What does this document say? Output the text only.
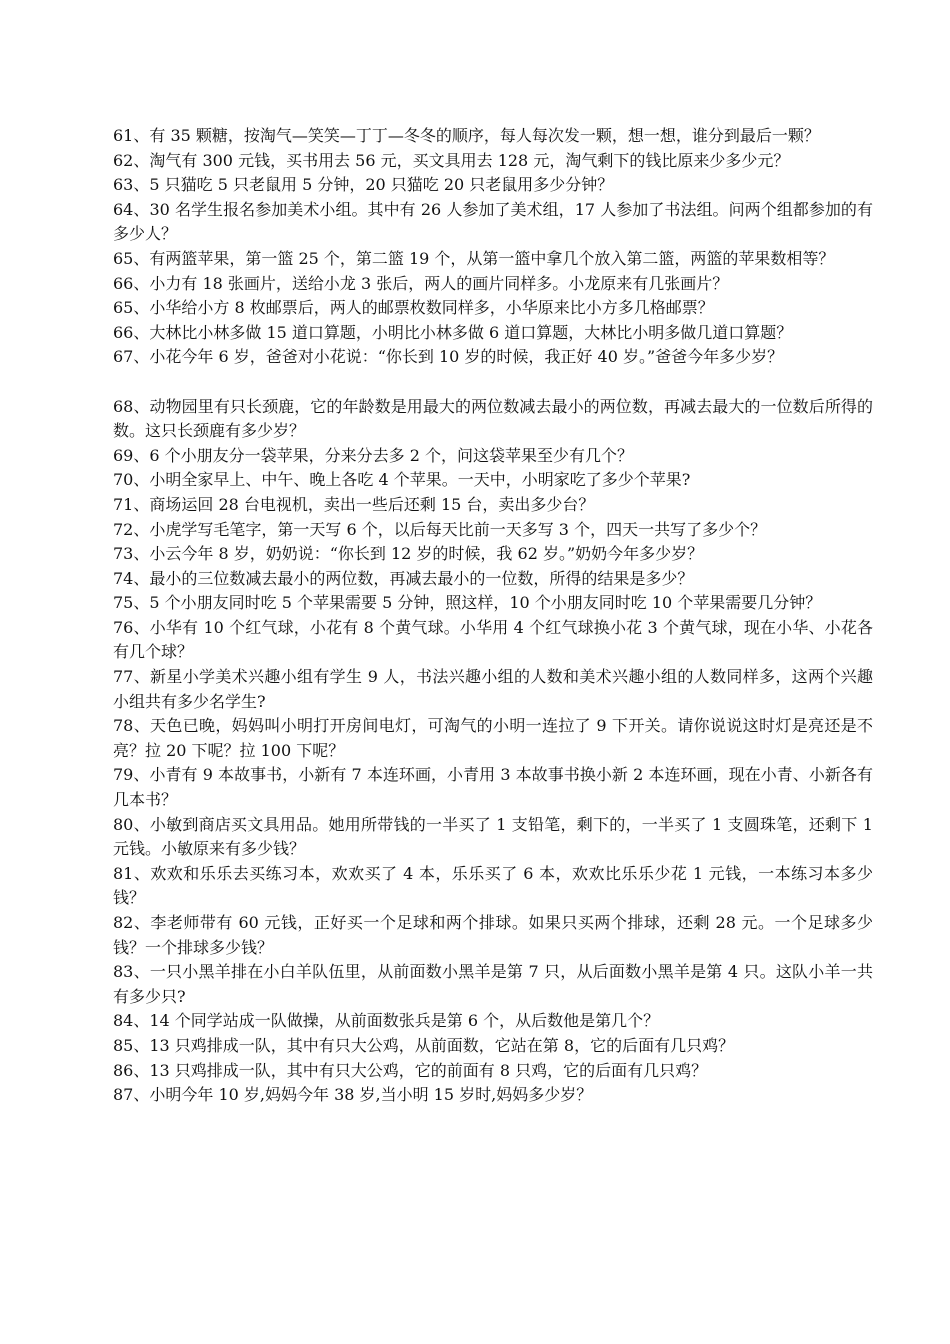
61、有 35 颗糖，按淘气—笑笑—丁丁—冬冬的顺序，每人每次发一颗，想一想，谁分到最后一颗？

62、淘气有 300 元钱，买书用去 56 元，买文具用去 128 元，淘气剩下的钱比原来少多少元？

63、5 只猫吃 5 只老鼠用 5 分钟，20 只猫吃 20 只老鼠用多少分钟？

64、30 名学生报名参加美术小组。其中有 26 人参加了美术组，17 人参加了书法组。问两个组都参加的有多少人？

65、有两篮苹果，第一篮 25 个，第二篮 19 个，从第一篮中拿几个放入第二篮，两篮的苹果数相等？

66、小力有 18 张画片，送给小龙 3 张后，两人的画片同样多。小龙原来有几张画片？

65、小华给小方 8 枚邮票后，两人的邮票枚数同样多，小华原来比小方多几格邮票？

66、大林比小林多做 15 道口算题，小明比小林多做 6 道口算题，大林比小明多做几道口算题？

67、小花今年 6 岁，爸爸对小花说：“你长到 10 岁的时候，我正好 40 岁。”爸爸今年多少岁？

68、动物园里有只长颈鹿，它的年龄数是用最大的两位数减去最小的两位数，再减去最大的一位数后所得的数。这只长颈鹿有多少岁？

69、6 个小朋友分一袋苹果，分来分去多 2 个，问这袋苹果至少有几个？

70、小明全家早上、中午、晚上各吃 4 个苹果。一天中，小明家吃了多少个苹果?

71、商场运回 28 台电视机，卖出一些后还剩 15 台，卖出多少台？

72、小虎学写毛笔字，第一天写 6 个，以后每天比前一天多写 3 个，四天一共写了多少个？

73、小云今年 8 岁，奶奶说：“你长到 12 岁的时候，我 62 岁。”奶奶今年多少岁？

74、最小的三位数减去最小的两位数，再减去最小的一位数，所得的结果是多少？

75、5 个小朋友同时吃 5 个苹果需要 5 分钟，照这样，10 个小朋友同时吃 10 个苹果需要几分钟？

76、小华有 10 个红气球，小花有 8 个黄气球。小华用 4 个红气球换小花 3 个黄气球，现在小华、小花各有几个球？

77、新星小学美术兴趣小组有学生 9 人，书法兴趣小组的人数和美术兴趣小组的人数同样多，这两个兴趣小组共有多少名学生?

78、天色已晚，妈妈叫小明打开房间电灯，可淘气的小明一连拉了 9 下开关。请你说说这时灯是亮还是不亮？拉 20 下呢？拉 100 下呢？

79、小青有 9 本故事书，小新有 7 本连环画，小青用 3 本故事书换小新 2 本连环画，现在小青、小新各有几本书？

80、小敏到商店买文具用品。她用所带钱的一半买了 1 支铅笔，剩下的，一半买了 1 支圆珠笔，还剩下 1 元钱。小敏原来有多少钱？

81、欢欢和乐乐去买练习本，欢欢买了 4 本，乐乐买了 6 本，欢欢比乐乐少花 1 元钱，一本练习本多少钱？

82、李老师带有 60 元钱，正好买一个足球和两个排球。如果只买两个排球，还剩 28 元。一个足球多少 钱？一个排球多少钱？

83、一只小黑羊排在小白羊队伍里，从前面数小黑羊是第 7 只，从后面数小黑羊是第 4 只。这队小羊一共有多少只?

84、14 个同学站成一队做操，从前面数张兵是第 6 个，从后数他是第几个？

85、13 只鸡排成一队，其中有只大公鸡，从前面数，它站在第 8，它的后面有几只鸡？

86、13 只鸡排成一队，其中有只大公鸡，它的前面有 8 只鸡，它的后面有几只鸡？

87、小明今年 10 岁,妈妈今年 38 岁,当小明 15 岁时,妈妈多少岁？
